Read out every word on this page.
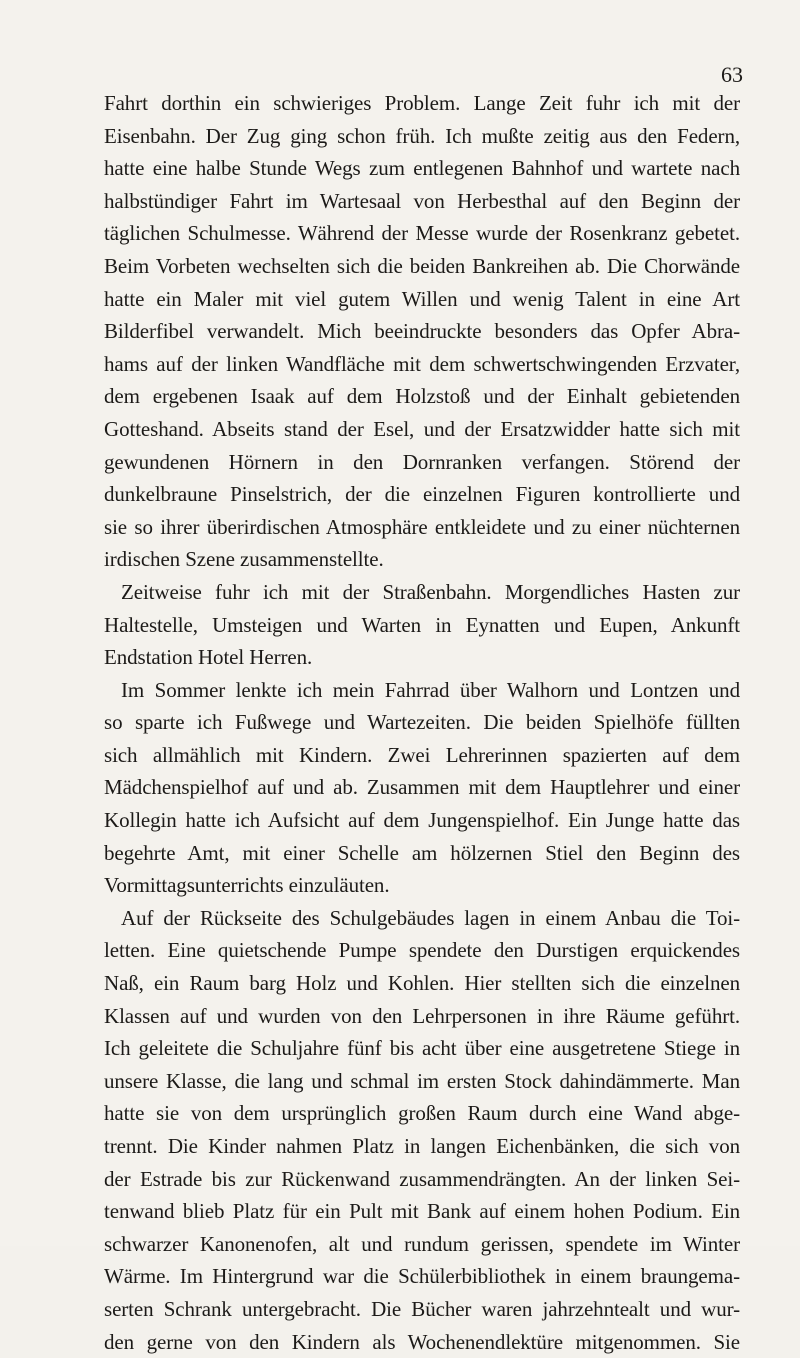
63
Fahrt dorthin ein schwieriges Problem. Lange Zeit fuhr ich mit der
Eisenbahn. Der Zug ging schon früh. Ich mußte zeitig aus den Federn,
hatte eine halbe Stunde Wegs zum entlegenen Bahnhof und wartete nach
halbstündiger Fahrt im Wartesaal von Herbesthal auf den Beginn der
täglichen Schulmesse. Während der Messe wurde der Rosenkranz gebetet.
Beim Vorbeten wechselten sich die beiden Bankreihen ab. Die Chorwände
hatte ein Maler mit viel gutem Willen und wenig Talent in eine Art
Bilderfibel verwandelt. Mich beeindruckte besonders das Opfer Abra-
hams auf der linken Wandfläche mit dem schwertschwingenden Erzvater,
dem ergebenen Isaak auf dem Holzstoß und der Einhalt gebietenden
Gotteshand. Abseits stand der Esel, und der Ersatzwidder hatte sich mit
gewundenen Hörnern in den Dornranken verfangen. Störend der
dunkelbraune Pinselstrich, der die einzelnen Figuren kontrollierte und
sie so ihrer überirdischen Atmosphäre entkleidete und zu einer nüchternen
irdischen Szene zusammenstellte.
Zeitweise fuhr ich mit der Straßenbahn. Morgendliches Hasten zur
Haltestelle, Umsteigen und Warten in Eynatten und Eupen, Ankunft
Endstation Hotel Herren.
Im Sommer lenkte ich mein Fahrrad über Walhorn und Lontzen und
so sparte ich Fußwege und Wartezeiten. Die beiden Spielhöfe füllten
sich allmählich mit Kindern. Zwei Lehrerinnen spazierten auf dem
Mädchenspielhof auf und ab. Zusammen mit dem Hauptlehrer und einer
Kollegin hatte ich Aufsicht auf dem Jungenspielhof. Ein Junge hatte das
begehrte Amt, mit einer Schelle am hölzernen Stiel den Beginn des
Vormittagsunterrichts einzuläuten.
Auf der Rückseite des Schulgebäudes lagen in einem Anbau die Toi-
letten. Eine quietschende Pumpe spendete den Durstigen erquickendes
Naß, ein Raum barg Holz und Kohlen. Hier stellten sich die einzelnen
Klassen auf und wurden von den Lehrpersonen in ihre Räume geführt.
Ich geleitete die Schuljahre fünf bis acht über eine ausgetretene Stiege in
unsere Klasse, die lang und schmal im ersten Stock dahindämmerte. Man
hatte sie von dem ursprünglich großen Raum durch eine Wand abge-
trennt. Die Kinder nahmen Platz in langen Eichenbänken, die sich von
der Estrade bis zur Rückenwand zusammendrängten. An der linken Sei-
tenwand blieb Platz für ein Pult mit Bank auf einem hohen Podium. Ein
schwarzer Kanonenofen, alt und rundum gerissen, spendete im Winter
Wärme. Im Hintergrund war die Schülerbibliothek in einem braungema-
serten Schrank untergebracht. Die Bücher waren jahrzehntealt und wur-
den gerne von den Kindern als Wochenendlektüre mitgenommen. Sie
